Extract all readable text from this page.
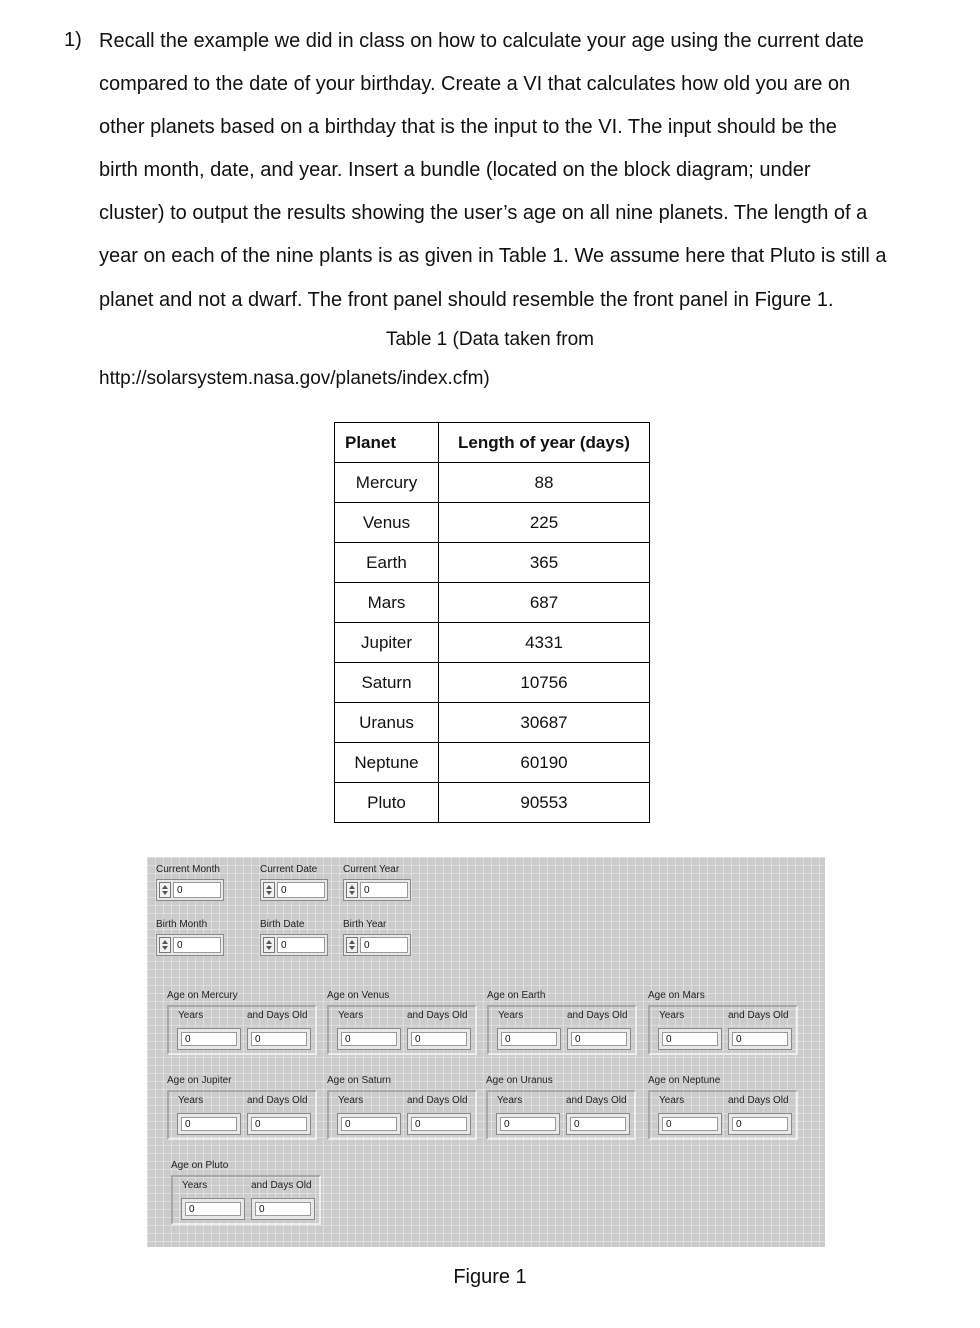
1) Recall the example we did in class on how to calculate your age using the current date
compared to the date of your birthday. Create a VI that calculates how old you are on
other planets based on a birthday that is the input to the VI. The input should be the
birth month, date, and year. Insert a bundle (located on the block diagram; under
cluster) to output the results showing the user’s age on all nine planets. The length of a
year on each of the nine plants is as given in Table 1. We assume here that Pluto is still a
planet and not a dwarf. The front panel should resemble the front panel in Figure 1.
Table 1 (Data taken from
http://solarsystem.nasa.gov/planets/index.cfm)
Planet	Length of year (days)
Mercury	88
Venus	225
Earth	365
Mars	687
Jupiter	4331
Saturn	10756
Uranus	30687
Neptune	60190
Pluto	90553
Current Month
0
Current Date
0
Current Year
0
Birth Month
0
Birth Date
0
Birth Year
0
Age on Mercury
Years	and Days Old
0	0
Age on Venus
Years	and Days Old
0	0
Age on Earth
Years	and Days Old
0	0
Age on Mars
Years	and Days Old
0	0
Age on Jupiter
Years	and Days Old
0	0
Age on Saturn
Years	and Days Old
0	0
Age on Uranus
Years	and Days Old
0	0
Age on Neptune
Years	and Days Old
0	0
Age on Pluto
Years	and Days Old
0	0
Figure 1
